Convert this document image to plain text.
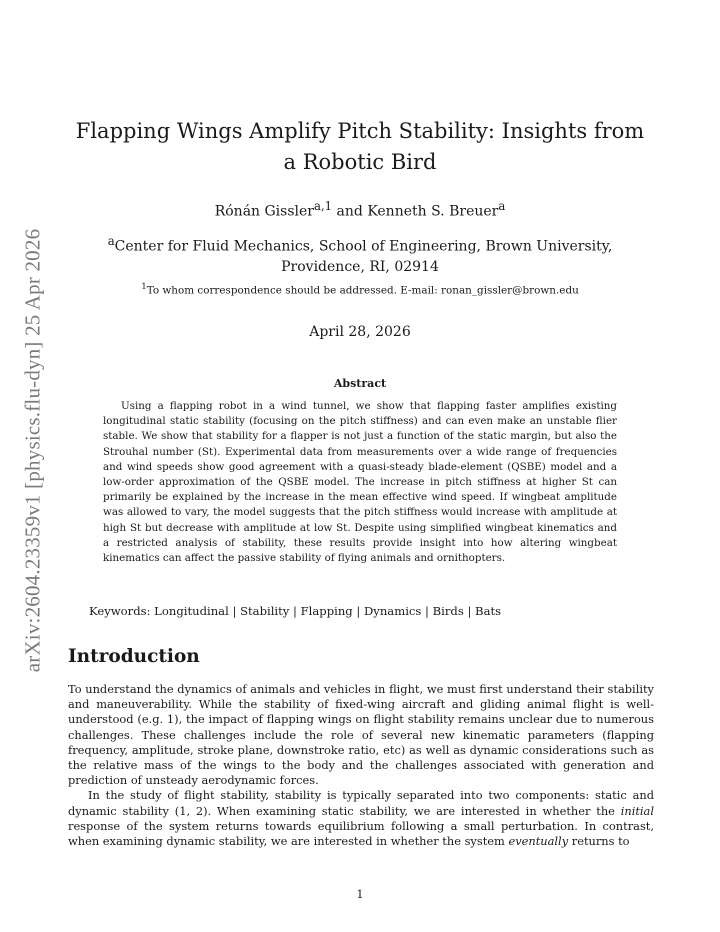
arXiv:2604.23359v1 [physics.flu-dyn] 25 Apr 2026
Flapping Wings Amplify Pitch Stability: Insights from a Robotic Bird
Rónán Gissler$^{a,1}$ and Kenneth S. Breuer$^a$
$^a$Center for Fluid Mechanics, School of Engineering, Brown University, Providence, RI, 02914
$^1$To whom correspondence should be addressed. E-mail: ronan_gissler@brown.edu
April 28, 2026
Abstract

Using a flapping robot in a wind tunnel, we show that flapping faster amplifies existing longitudinal static stability (focusing on the pitch stiffness) and can even make an unstable flier stable. We show that stability for a flapper is not just a function of the static margin, but also the Strouhal number (St). Experimental data from measurements over a wide range of frequencies and wind speeds show good agreement with a quasi-steady blade-element (QSBE) model and a low-order approximation of the QSBE model. The increase in pitch stiffness at higher St can primarily be explained by the increase in the mean effective wind speed. If wingbeat amplitude was allowed to vary, the model suggests that the pitch stiffness would increase with amplitude at high St but decrease with amplitude at low St. Despite using simplified wingbeat kinematics and a restricted analysis of stability, these results provide insight into how altering wingbeat kinematics can affect the passive stability of flying animals and ornithopters.

Keywords: Longitudinal | Stability | Flapping | Dynamics | Birds | Bats
Introduction

To understand the dynamics of animals and vehicles in flight, we must first understand their stability and maneuverability. While the stability of fixed-wing aircraft and gliding animal flight is well-understood (e.g. 1), the impact of flapping wings on flight stability remains unclear due to numerous challenges. These challenges include the role of several new kinematic parameters (flapping frequency, amplitude, stroke plane, downstroke ratio, etc) as well as dynamic considerations such as the relative mass of the wings to the body and the challenges associated with generation and prediction of unsteady aerodynamic forces.

In the study of flight stability, stability is typically separated into two components: static and dynamic stability (1, 2). When examining static stability, we are interested in whether the initial response of the system returns towards equilibrium following a small perturbation. In contrast, when examining dynamic stability, we are interested in whether the system eventually returns to

1
